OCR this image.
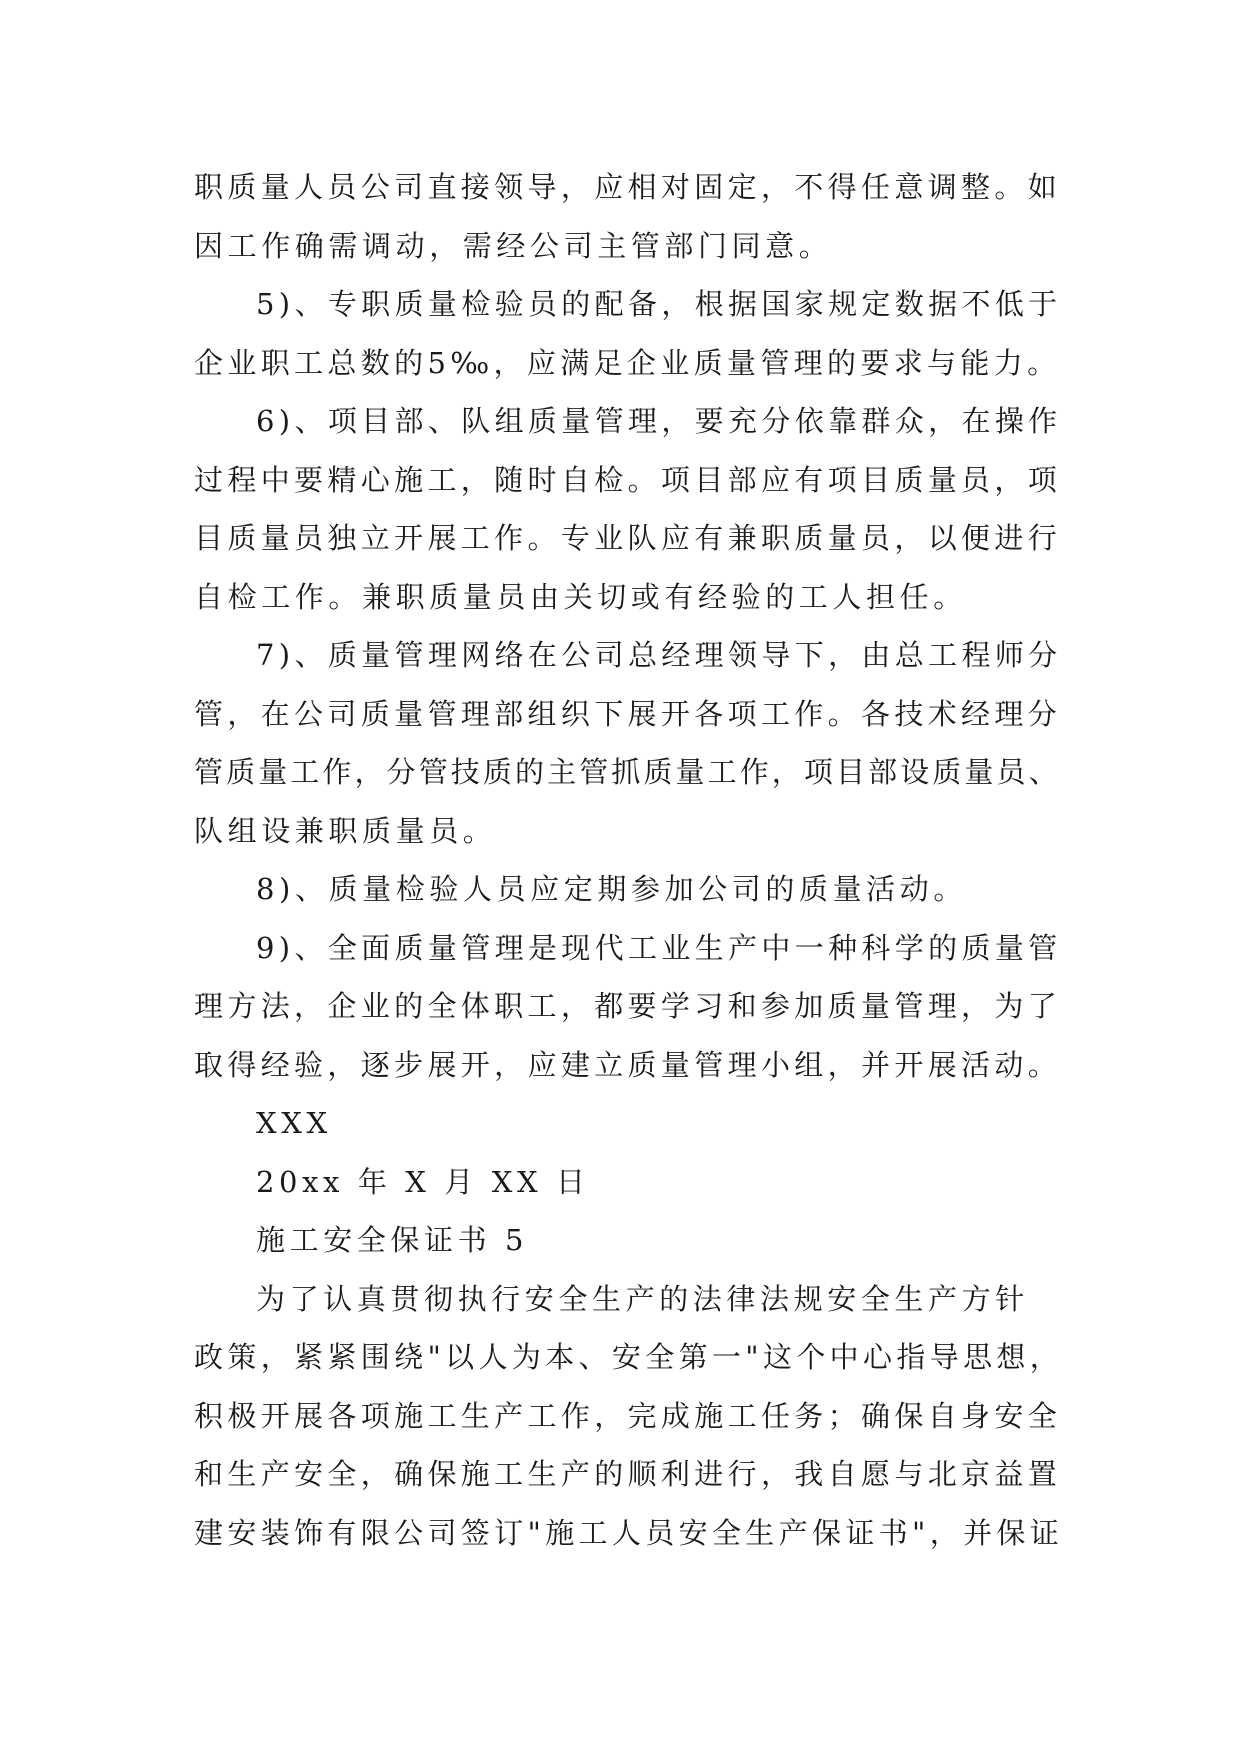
职质量人员公司直接领导，应相对固定，不得任意调整。如
因工作确需调动，需经公司主管部门同意。
5)、专职质量检验员的配备，根据国家规定数据不低于
企业职工总数的5‰，应满足企业质量管理的要求与能力。
6)、项目部、队组质量管理，要充分依靠群众，在操作
过程中要精心施工，随时自检。项目部应有项目质量员，项
目质量员独立开展工作。专业队应有兼职质量员，以便进行
自检工作。兼职质量员由关切或有经验的工人担任。
7)、质量管理网络在公司总经理领导下，由总工程师分
管，在公司质量管理部组织下展开各项工作。各技术经理分
管质量工作，分管技质的主管抓质量工作，项目部设质量员、
队组设兼职质量员。
8)、质量检验人员应定期参加公司的质量活动。
9)、全面质量管理是现代工业生产中一种科学的质量管
理方法，企业的全体职工，都要学习和参加质量管理，为了
取得经验，逐步展开，应建立质量管理小组，并开展活动。
XXX
20xx 年 X 月 XX 日
施工安全保证书 5
为了认真贯彻执行安全生产的法律法规安全生产方针
政策，紧紧围绕"以人为本、安全第一"这个中心指导思想，
积极开展各项施工生产工作，完成施工任务；确保自身安全
和生产安全，确保施工生产的顺利进行，我自愿与北京益置
建安装饰有限公司签订"施工人员安全生产保证书"，并保证
